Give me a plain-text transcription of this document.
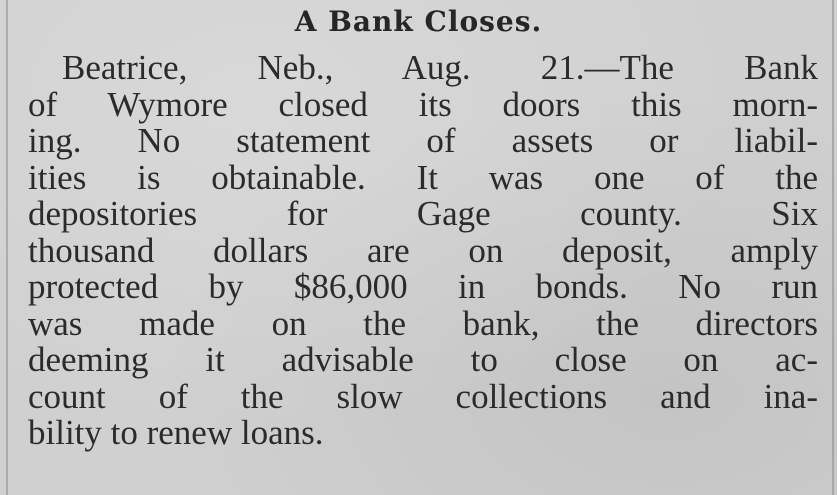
A Bank Closes.
Beatrice, Neb., Aug. 21.—The Bank
of Wymore closed its doors this morn-
ing. No statement of assets or liabil-
ities is obtainable. It was one of the
depositories for Gage county. Six
thousand dollars are on deposit, amply
protected by $86,000 in bonds. No run
was made on the bank, the directors
deeming it advisable to close on ac-
count of the slow collections and ina-
bility to renew loans.
